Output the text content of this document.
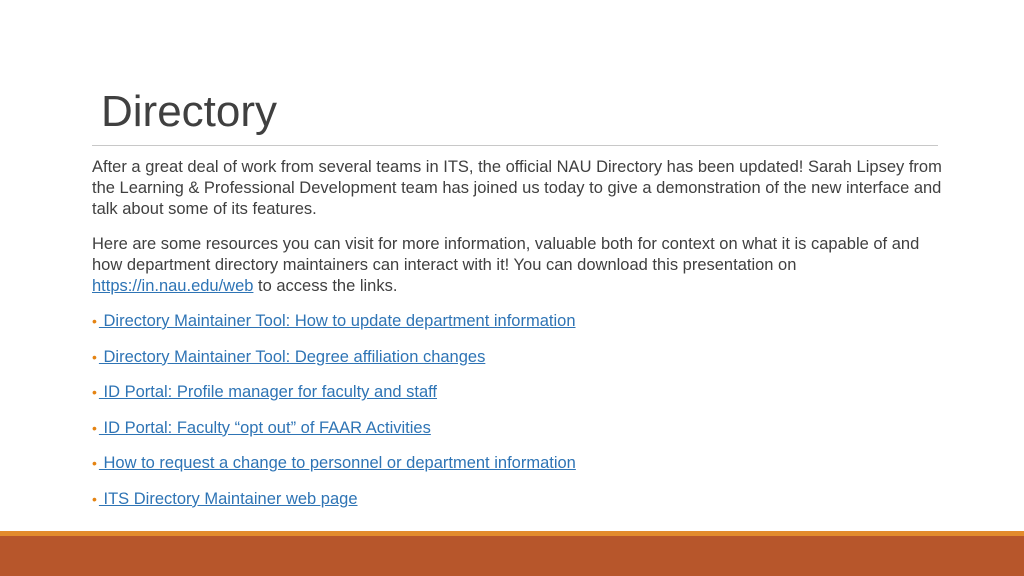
Directory

After a great deal of work from several teams in ITS, the official NAU Directory has been updated! Sarah Lipsey from the Learning & Professional Development team has joined us today to give a demonstration of the new interface and talk about some of its features.

Here are some resources you can visit for more information, valuable both for context on what it is capable of and how department directory maintainers can interact with it! You can download this presentation on https://in.nau.edu/web to access the links.

• Directory Maintainer Tool: How to update department information
• Directory Maintainer Tool: Degree affiliation changes
• ID Portal: Profile manager for faculty and staff
• ID Portal: Faculty “opt out” of FAAR Activities
• How to request a change to personnel or department information
• ITS Directory Maintainer web page
